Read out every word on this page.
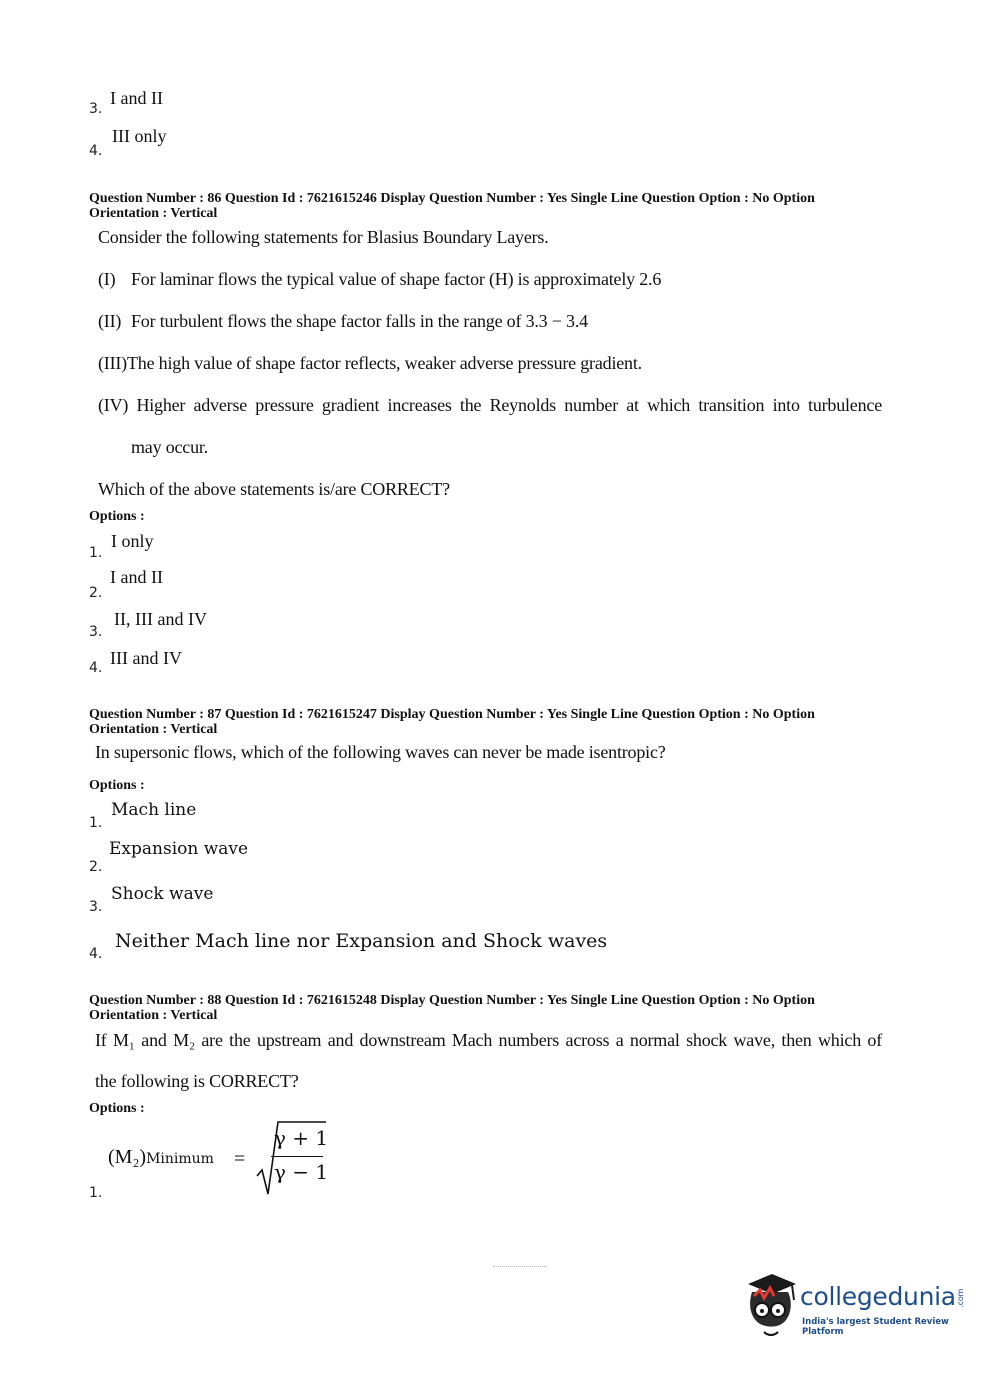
3.
I and II
4.
III only
Question Number : 86 Question Id : 7621615246 Display Question Number : Yes Single Line Question Option : No Option
Orientation : Vertical
Consider the following statements for Blasius Boundary Layers.
(I) For laminar flows the typical value of shape factor (H) is approximately 2.6
(II) For turbulent flows the shape factor falls in the range of 3.3 − 3.4
(III)The high value of shape factor reflects, weaker adverse pressure gradient.
(IV) Higher adverse pressure gradient increases the Reynolds number at which transition into turbulence
may occur.
Which of the above statements is/are CORRECT?
Options :
1.
I only
2.
I and II
3.
II, III and IV
4. III and IV
Question Number : 87 Question Id : 7621615247 Display Question Number : Yes Single Line Question Option : No Option
Orientation : Vertical
In supersonic flows, which of the following waves can never be made isentropic?
Options :
1.
Mach line
2.
Expansion wave
3.
Shock wave
4.
Neither Mach line nor Expansion and Shock waves
Question Number : 88 Question Id : 7621615248 Display Question Number : Yes Single Line Question Option : No Option
Orientation : Vertical
If M₁ and M₂ are the upstream and downstream Mach numbers across a normal shock wave, then which of
the following is CORRECT?
Options :
1.
(M₂)Minimum =
γ + 1
γ − 1
collegedunia.com
India's largest Student Review Platform
